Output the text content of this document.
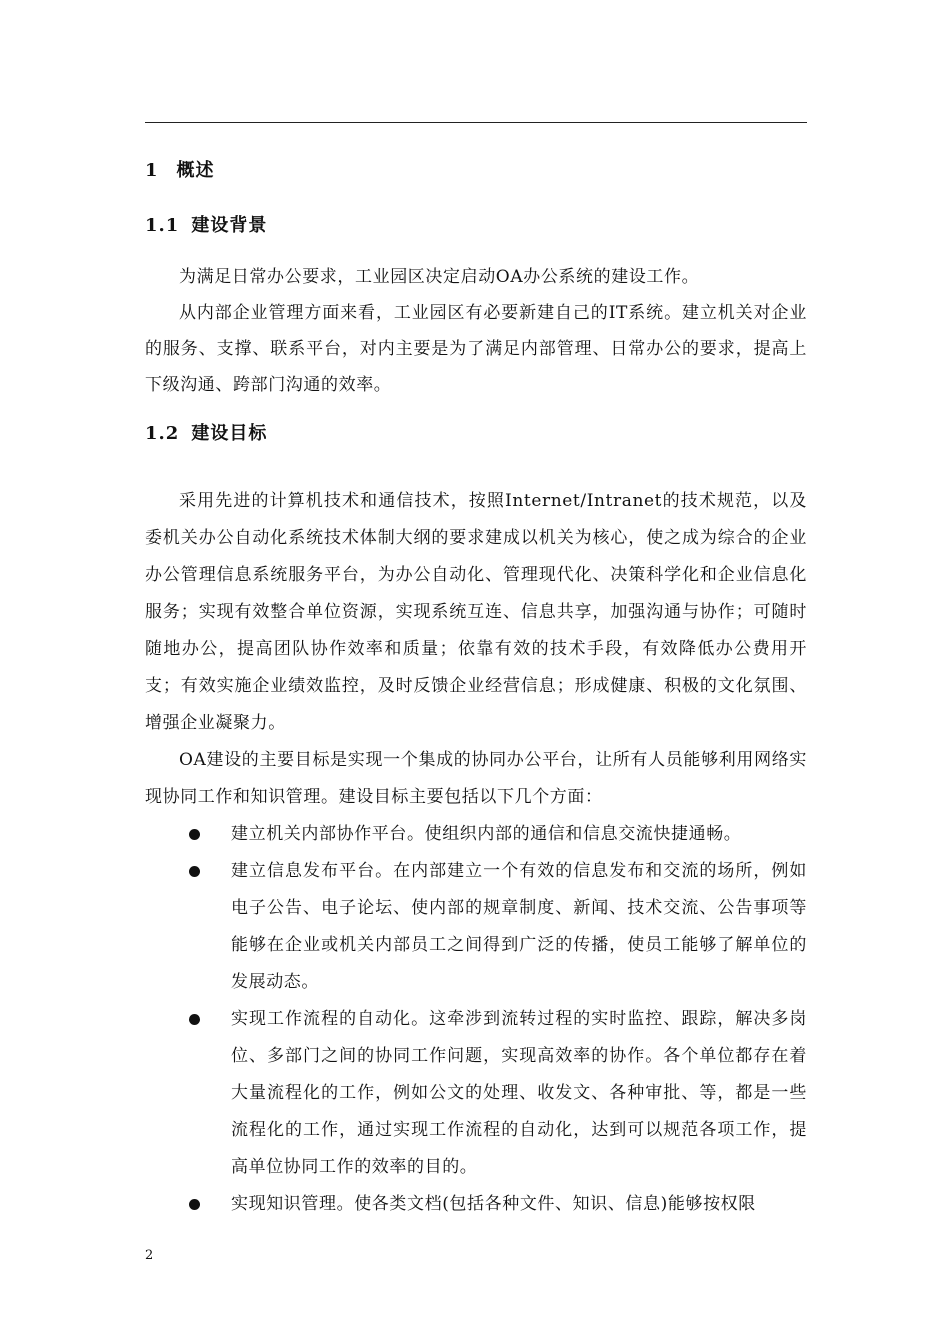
1 概述
1.1 建设背景

为满足日常办公要求，工业园区决定启动OA办公系统的建设工作。

从内部企业管理方面来看，工业园区有必要新建自己的IT系统。建立机关对企业的服务、支撑、联系平台，对内主要是为了满足内部管理、日常办公的要求，提高上下级沟通、跨部门沟通的效率。

1.2 建设目标

采用先进的计算机技术和通信技术，按照Internet/Intranet的技术规范，以及委机关办公自动化系统技术体制大纲的要求建成以机关为核心，使之成为综合的企业办公管理信息系统服务平台，为办公自动化、管理现代化、决策科学化和企业信息化服务；实现有效整合单位资源，实现系统互连、信息共享，加强沟通与协作；可随时随地办公，提高团队协作效率和质量；依靠有效的技术手段，有效降低办公费用开支；有效实施企业绩效监控，及时反馈企业经营信息；形成健康、积极的文化氛围、增强企业凝聚力。

OA建设的主要目标是实现一个集成的协同办公平台，让所有人员能够利用网络实现协同工作和知识管理。建设目标主要包括以下几个方面：

建立机关内部协作平台。使组织内部的通信和信息交流快捷通畅。
建立信息发布平台。在内部建立一个有效的信息发布和交流的场所，例如电子公告、电子论坛、使内部的规章制度、新闻、技术交流、公告事项等能够在企业或机关内部员工之间得到广泛的传播，使员工能够了解单位的发展动态。
实现工作流程的自动化。这牵涉到流转过程的实时监控、跟踪，解决多岗位、多部门之间的协同工作问题，实现高效率的协作。各个单位都存在着大量流程化的工作，例如公文的处理、收发文、各种审批、等，都是一些流程化的工作，通过实现工作流程的自动化，达到可以规范各项工作，提高单位协同工作的效率的目的。
实现知识管理。使各类文档(包括各种文件、知识、信息)能够按权限
2
